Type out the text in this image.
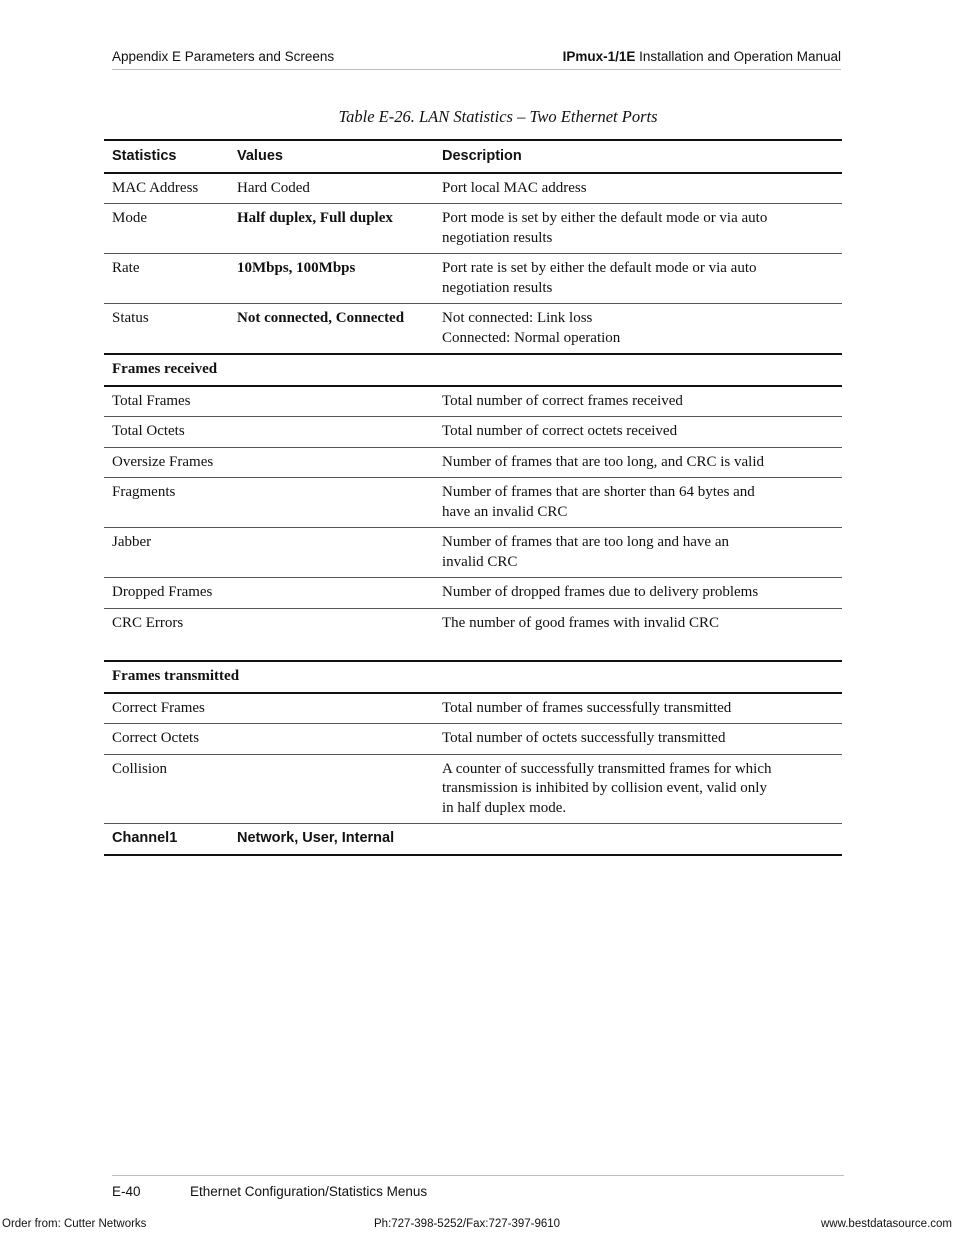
Appendix E Parameters and Screens	IPmux-1/1E Installation and Operation Manual
Table E-26. LAN Statistics – Two Ethernet Ports
Statistics	Values	Description
MAC Address	Hard Coded	Port local MAC address

Mode	Half duplex, Full duplex	Port mode is set by either the default mode or via auto
negotiation results

Rate	10Mbps, 100Mbps	Port rate is set by either the default mode or via auto
negotiation results

Status	Not connected, Connected	Not connected: Link loss
Connected: Normal operation

Frames received		
Total Frames		Total number of correct frames received

Total Octets		Total number of correct octets received

Oversize Frames		Number of frames that are too long, and CRC is valid

Fragments		Number of frames that are shorter than 64 bytes and
have an invalid CRC

Jabber		Number of frames that are too long and have an
invalid CRC

Dropped Frames		Number of dropped frames due to delivery problems

CRC Errors		The number of good frames with invalid CRC

Frames transmitted		
Correct Frames		Total number of frames successfully transmitted

Correct Octets		Total number of octets successfully transmitted

Collision		A counter of successfully transmitted frames for which
transmission is inhibited by collision event, valid only
in half duplex mode.

Channel1	Network, User, Internal	
E-40	Ethernet Configuration/Statistics Menus
Order from: Cutter Networks	Ph:727-398-5252/Fax:727-397-9610	www.bestdatasource.com
